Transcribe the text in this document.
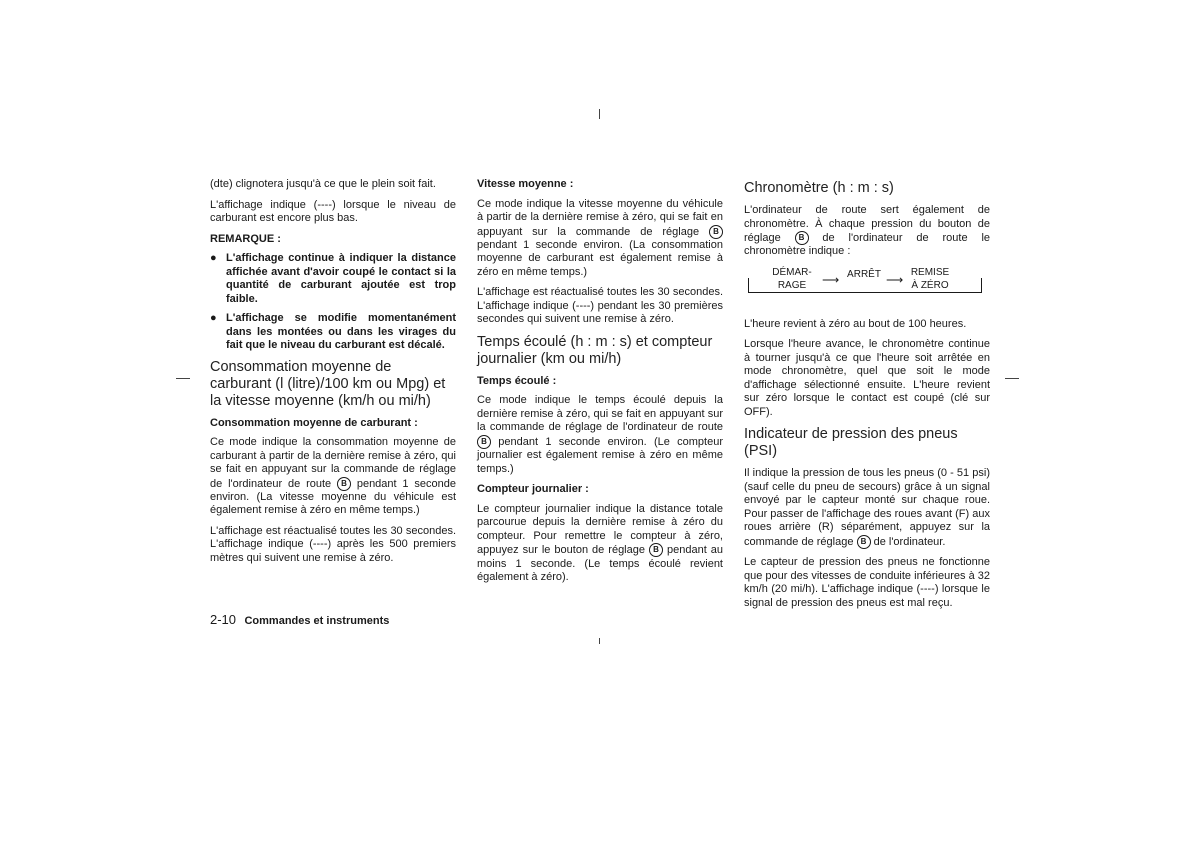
(dte) clignotera jusqu'à ce que le plein soit fait.

L'affichage indique (----) lorsque le niveau de carburant est encore plus bas.

REMARQUE :
● L'affichage continue à indiquer la distance affichée avant d'avoir coupé le contact si la quantité de carburant ajoutée est trop faible.
● L'affichage se modifie momentanément dans les montées ou dans les virages du fait que le niveau du carburant est décalé.
Consommation moyenne de carburant (l (litre)/100 km ou Mpg) et la vitesse moyenne (km/h ou mi/h)
Consommation moyenne de carburant :

Ce mode indique la consommation moyenne de carburant à partir de la dernière remise à zéro, qui se fait en appuyant sur la commande de réglage de l'ordinateur de route B pendant 1 seconde environ. (La vitesse moyenne du véhicule est également remise à zéro en même temps.)

L'affichage est réactualisé toutes les 30 secondes. L'affichage indique (----) après les 500 premiers mètres qui suivent une remise à zéro.

Vitesse moyenne :

Ce mode indique la vitesse moyenne du véhicule à partir de la dernière remise à zéro, qui se fait en appuyant sur la commande de réglage B pendant 1 seconde environ. (La consommation moyenne de carburant est également remise à zéro en même temps.)

L'affichage est réactualisé toutes les 30 secondes. L'affichage indique (----) pendant les 30 premières secondes qui suivent une remise à zéro.

Temps écoulé (h : m : s) et compteur journalier (km ou mi/h)
Temps écoulé :

Ce mode indique le temps écoulé depuis la dernière remise à zéro, qui se fait en appuyant sur la commande de réglage de l'ordinateur de route B pendant 1 seconde environ. (Le compteur journalier est également remise à zéro en même temps.)

Compteur journalier :

Le compteur journalier indique la distance totale parcourue depuis la dernière remise à zéro du compteur. Pour remettre le compteur à zéro, appuyez sur le bouton de réglage B pendant au moins 1 seconde. (Le temps écoulé revient également à zéro).

Chronomètre (h : m : s)

L'ordinateur de route sert également de chronomètre. À chaque pression du bouton de réglage B de l'ordinateur de route le chronomètre indique :

DÉMAR-
RAGE	⟶ ARRÊT ⟶
REMISE
À ZÉRO

L'heure revient à zéro au bout de 100 heures.

Lorsque l'heure avance, le chronomètre continue à tourner jusqu'à ce que l'heure soit arrêtée en mode chronomètre, quel que soit le mode d'affichage sélectionné ensuite. L'heure revient sur zéro lorsque le contact est coupé (clé sur OFF).

Indicateur de pression des pneus (PSI)

Il indique la pression de tous les pneus (0 - 51 psi) (sauf celle du pneu de secours) grâce à un signal envoyé par le capteur monté sur chaque roue. Pour passer de l'affichage des roues avant (F) aux roues arrière (R) séparément, appuyez sur la commande de réglage B de l'ordinateur.

Le capteur de pression des pneus ne fonctionne que pour des vitesses de conduite inférieures à 32 km/h (20 mi/h). L'affichage indique (----) lorsque le signal de pression des pneus est mal reçu.

2-10 Commandes et instruments
